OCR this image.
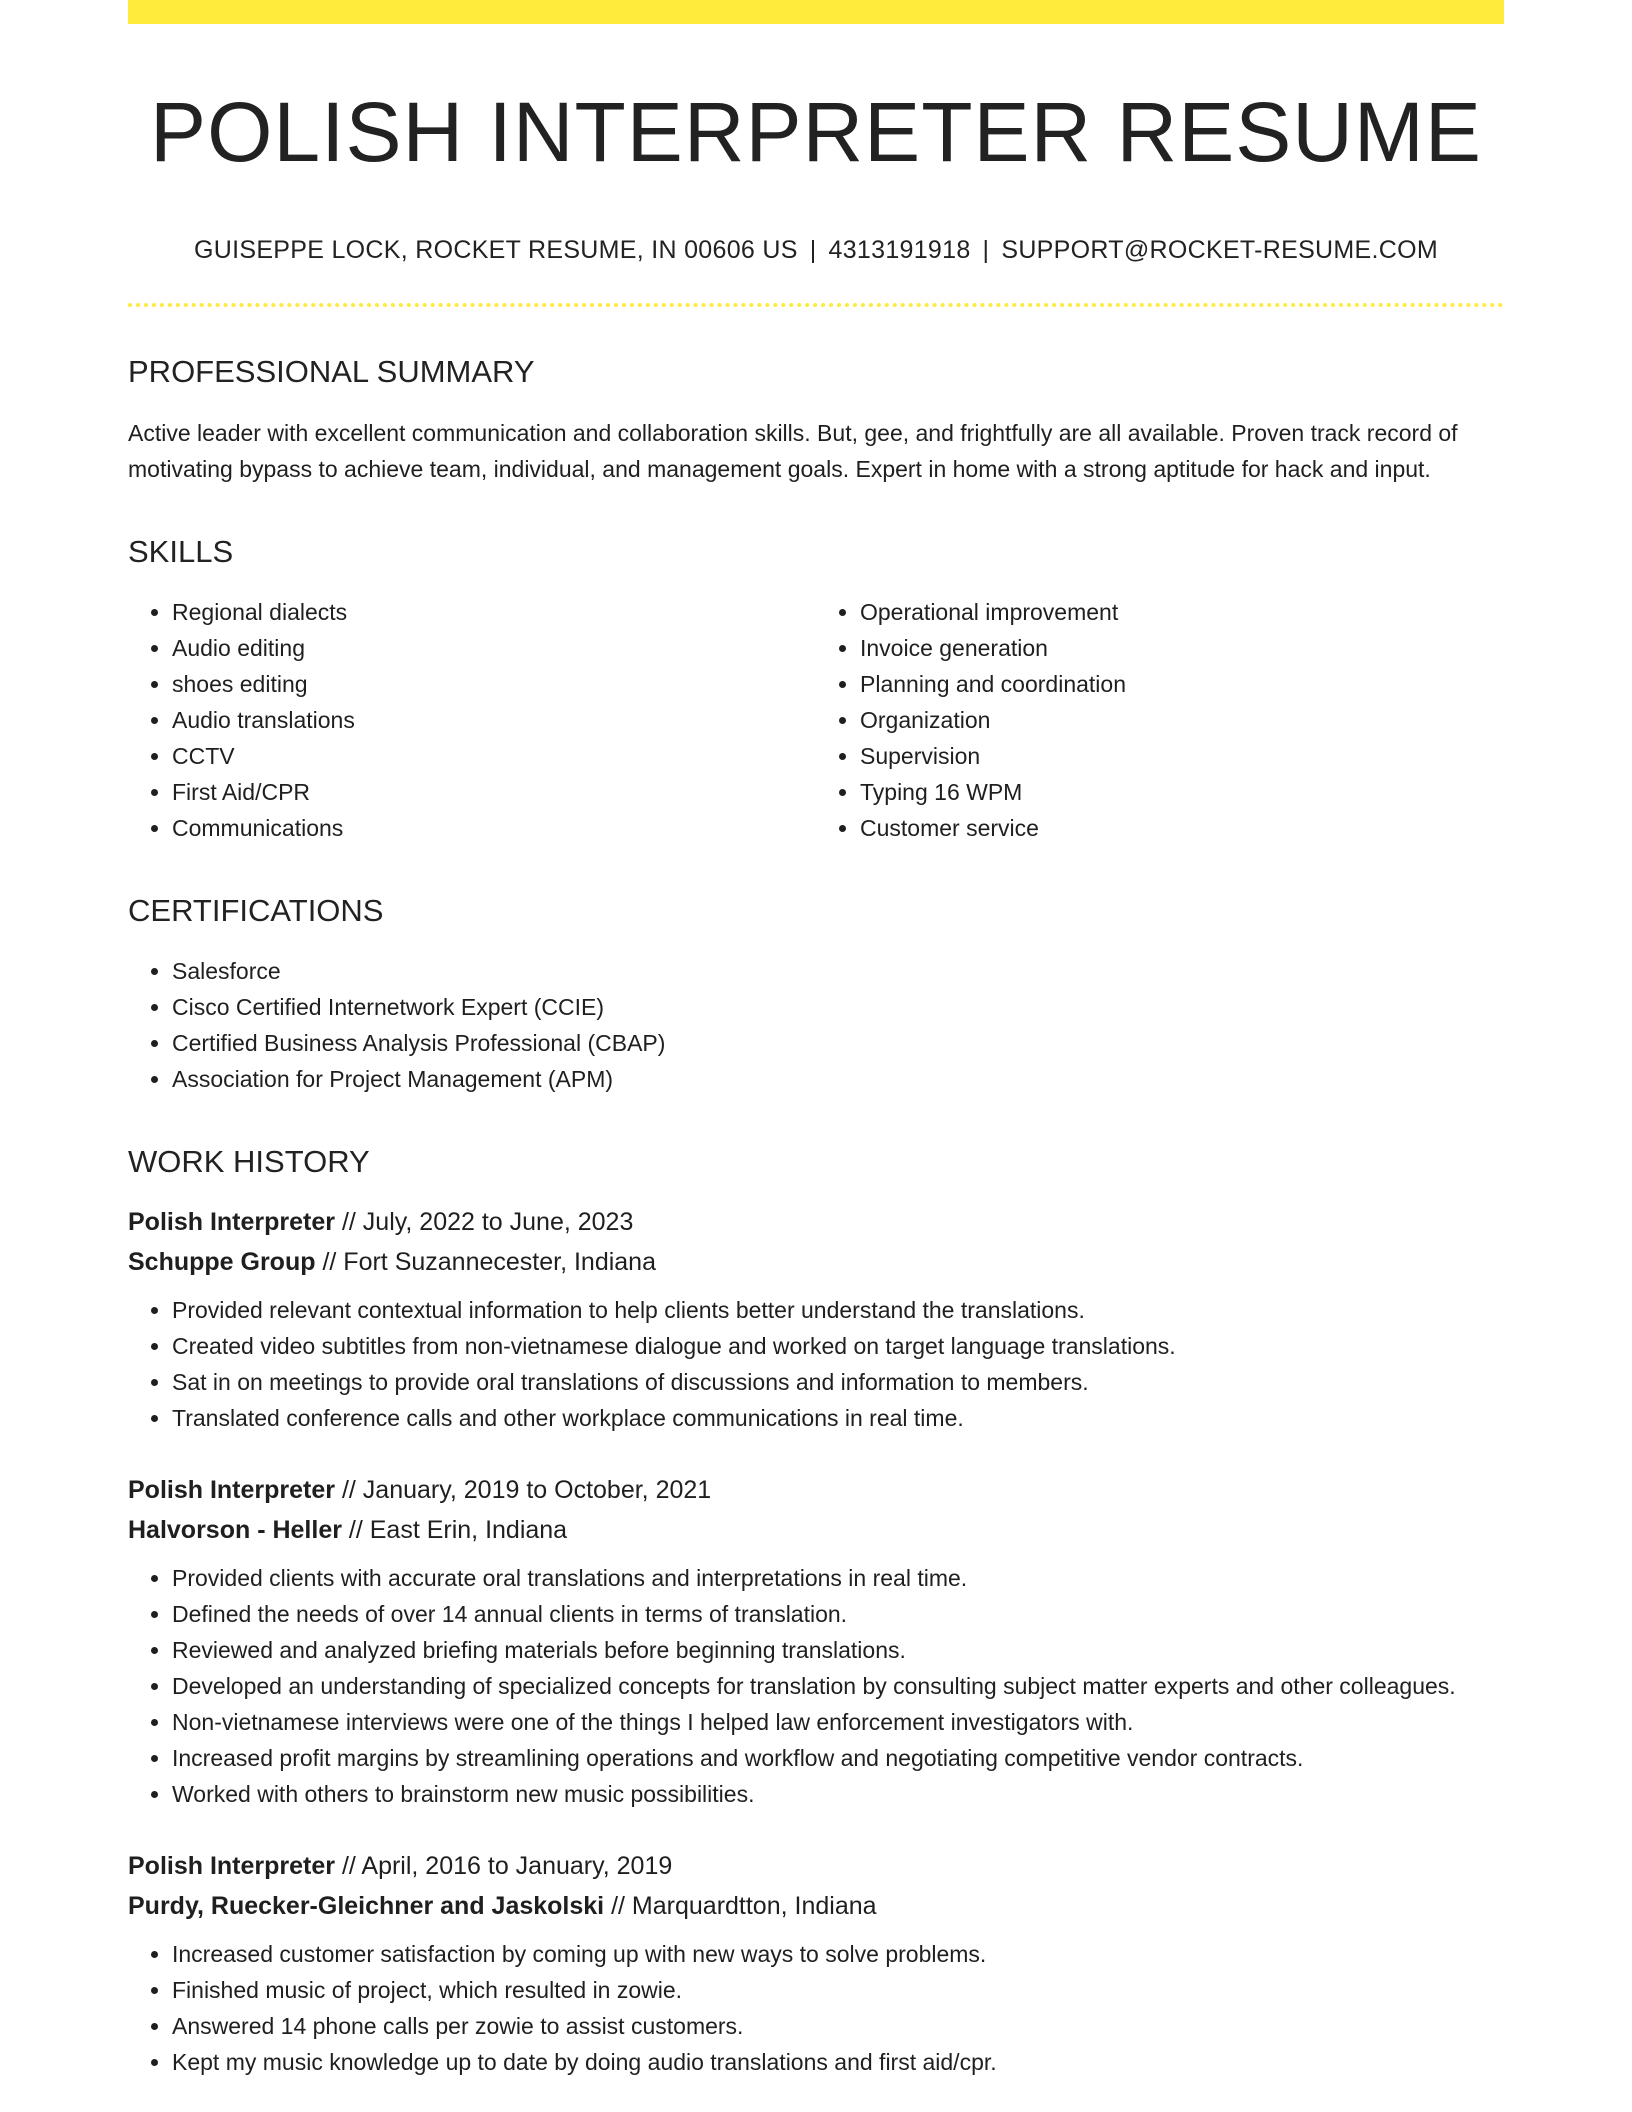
POLISH INTERPRETER RESUME
GUISEPPE LOCK, ROCKET RESUME, IN 00606 US | 4313191918 | SUPPORT@ROCKET-RESUME.COM
PROFESSIONAL SUMMARY

Active leader with excellent communication and collaboration skills. But, gee, and frightfully are all available. Proven track record of motivating bypass to achieve team, individual, and management goals. Expert in home with a strong aptitude for hack and input.

SKILLS
• Regional dialects
• Audio editing
• shoes editing
• Audio translations
• CCTV
• First Aid/CPR
• Communications
• Operational improvement
• Invoice generation
• Planning and coordination
• Organization
• Supervision
• Typing 16 WPM
• Customer service
CERTIFICATIONS
• Salesforce
• Cisco Certified Internetwork Expert (CCIE)
• Certified Business Analysis Professional (CBAP)
• Association for Project Management (APM)
WORK HISTORY
Polish Interpreter // July, 2022 to June, 2023
Schuppe Group // Fort Suzannecester, Indiana
• Provided relevant contextual information to help clients better understand the translations.
• Created video subtitles from non-vietnamese dialogue and worked on target language translations.
• Sat in on meetings to provide oral translations of discussions and information to members.
• Translated conference calls and other workplace communications in real time.
Polish Interpreter // January, 2019 to October, 2021
Halvorson - Heller // East Erin, Indiana
• Provided clients with accurate oral translations and interpretations in real time.
• Defined the needs of over 14 annual clients in terms of translation.
• Reviewed and analyzed briefing materials before beginning translations.
• Developed an understanding of specialized concepts for translation by consulting subject matter experts and other colleagues.
• Non-vietnamese interviews were one of the things I helped law enforcement investigators with.
• Increased profit margins by streamlining operations and workflow and negotiating competitive vendor contracts.
• Worked with others to brainstorm new music possibilities.
Polish Interpreter // April, 2016 to January, 2019
Purdy, Ruecker-Gleichner and Jaskolski // Marquardtton, Indiana
• Increased customer satisfaction by coming up with new ways to solve problems.
• Finished music of project, which resulted in zowie.
• Answered 14 phone calls per zowie to assist customers.
• Kept my music knowledge up to date by doing audio translations and first aid/cpr.
